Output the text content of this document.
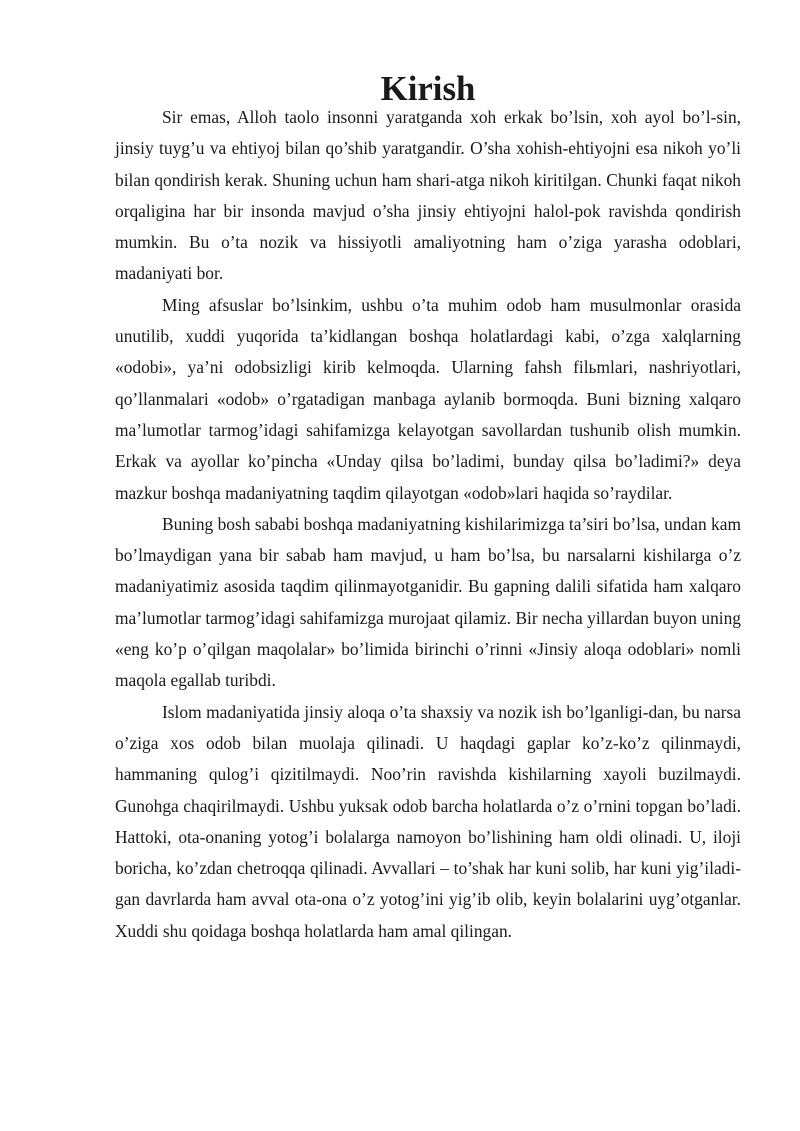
Kirish

Sir emas, Alloh taolo insonni yaratganda xoh erkak bo’lsin, xoh ayol bo’l-sin, jinsiy tuyg’u va ehtiyoj bilan qo’shib yaratgandir. O’sha xohish-ehtiyojni esa nikoh yo’li bilan qondirish kerak. Shuning uchun ham shari-atga nikoh kiritilgan. Chunki faqat nikoh orqaligina har bir insonda mavjud o’sha jinsiy ehtiyojni halol-pok ravishda qondirish mumkin. Bu o’ta nozik va hissiyotli amaliyotning ham o’ziga yarasha odoblari, madaniyati bor.

Ming afsuslar bo’lsinkim, ushbu o’ta muhim odob ham musulmonlar orasida unutilib, xuddi yuqorida ta’kidlangan boshqa holatlardagi kabi, o’zga xalqlarning «odobi», ya’ni odobsizligi kirib kelmoqda. Ularning fahsh filьmlari, nashriyotlari, qo’llanmalari «odob» o’rgatadigan manbaga aylanib bormoqda. Buni bizning xalqaro ma’lumotlar tarmog’idagi sahifamizga kelayotgan savollardan tushunib olish mumkin. Erkak va ayollar ko’pincha «Unday qilsa bo’ladimi, bunday qilsa bo’ladimi?» deya mazkur boshqa madaniyatning taqdim qilayotgan «odob»lari haqida so’raydilar.

Buning bosh sababi boshqa madaniyatning kishilarimizga ta’siri bo’lsa, undan kam bo’lmaydigan yana bir sabab ham mavjud, u ham bo’lsa, bu narsalarni kishilarga o’z madaniyatimiz asosida taqdim qilinmayotganidir. Bu gapning dalili sifatida ham xalqaro ma’lumotlar tarmog’idagi sahifamizga murojaat qilamiz. Bir necha yillardan buyon uning «eng ko’p o’qilgan maqolalar» bo’limida birinchi o’rinni «Jinsiy aloqa odoblari» nomli maqola egallab turibdi.

Islom madaniyatida jinsiy aloqa o’ta shaxsiy va nozik ish bo’lganligi-dan, bu narsa o’ziga xos odob bilan muolaja qilinadi. U haqdagi gaplar ko’z-ko’z qilinmaydi, hammaning qulog’i qizitilmaydi. Noo’rin ravishda kishilarning xayoli buzilmaydi. Gunohga chaqirilmaydi. Ushbu yuksak odob barcha holatlarda o’z o’rnini topgan bo’ladi. Hattoki, ota-onaning yotog’i bolalarga namoyon bo’lishining ham oldi olinadi. U, iloji boricha, ko’zdan chetroqqa qilinadi. Avvallari – to’shak har kuni solib, har kuni yig’iladi-gan davrlarda ham avval ota-ona o’z yotog’ini yig’ib olib, keyin bolalarini uyg’otganlar. Xuddi shu qoidaga boshqa holatlarda ham amal qilingan.
